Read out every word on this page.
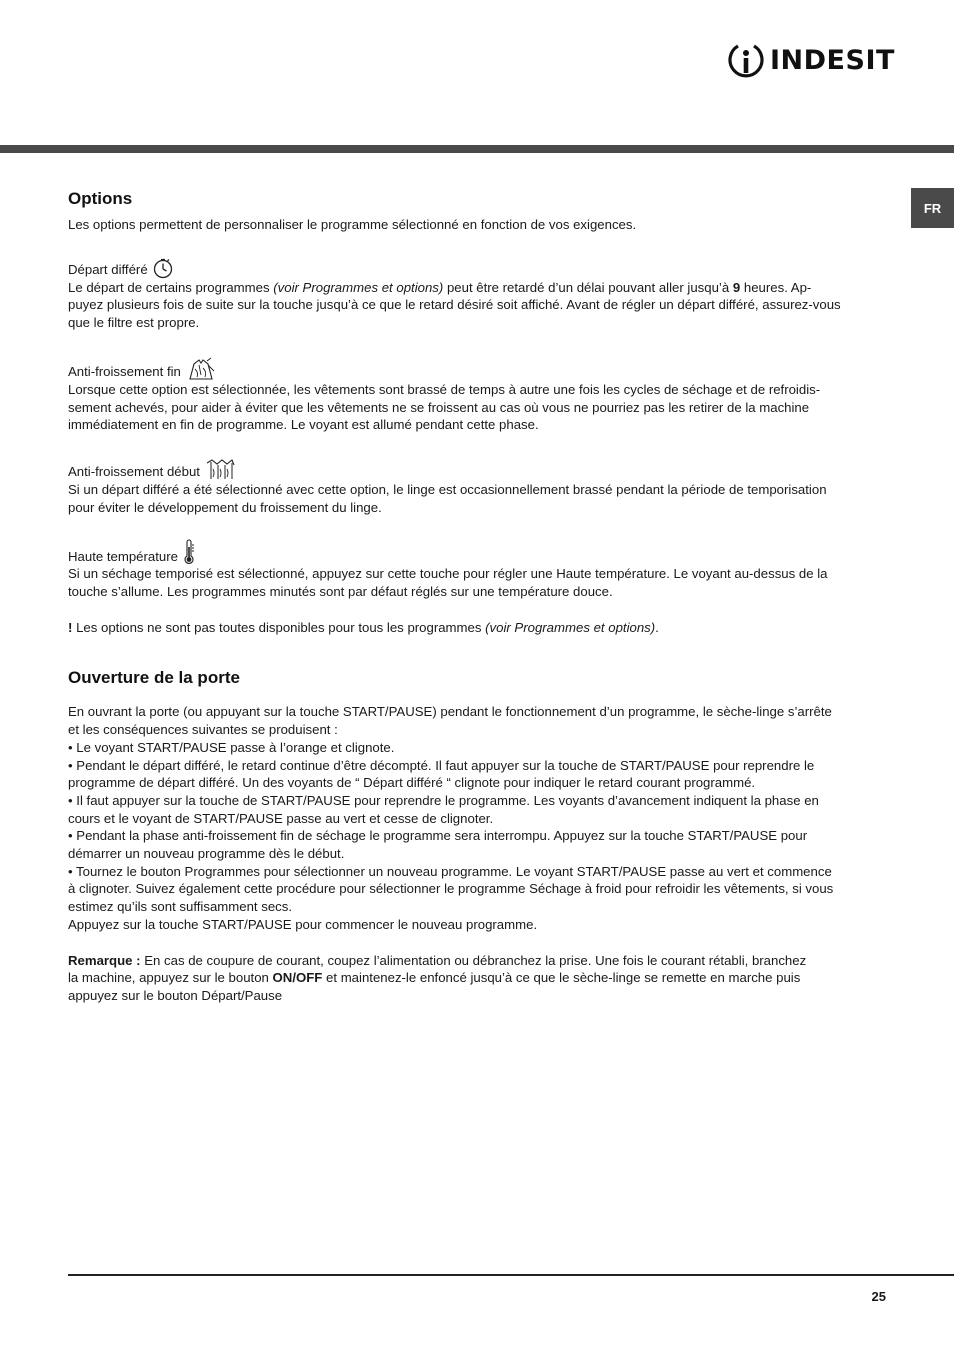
INDESIT
FR
Options

Les options permettent de personnaliser le programme sélectionné en fonction de vos exigences.

Départ différé

Le départ de certains programmes (voir Programmes et options) peut être retardé d’un délai pouvant aller jusqu’à 9 heures. Ap-
puyez plusieurs fois de suite sur la touche jusqu’à ce que le retard désiré soit affiché. Avant de régler un départ différé, assurez-vous
que le filtre est propre.

Anti-froissement fin

Lorsque cette option est sélectionnée, les vêtements sont brassé de temps à autre une fois les cycles de séchage et de refroidis-
sement achevés, pour aider à éviter que les vêtements ne se froissent au cas où vous ne pourriez pas les retirer de la machine
immédiatement en fin de programme. Le voyant est allumé pendant cette phase.

Anti-froissement début

Si un départ différé a été sélectionné avec cette option, le linge est occasionnellement brassé pendant la période de temporisation
pour éviter le développement du froissement du linge.

Haute température

Si un séchage temporisé est sélectionné, appuyez sur cette touche pour régler une Haute température. Le voyant au-dessus de la
touche s’allume. Les programmes minutés sont par défaut réglés sur une température douce.

! Les options ne sont pas toutes disponibles pour tous les programmes (voir Programmes et options).

Ouverture de la porte

En ouvrant la porte (ou appuyant sur la touche START/PAUSE) pendant le fonctionnement d’un programme, le sèche-linge s’arrête
et les conséquences suivantes se produisent :
• Le voyant START/PAUSE passe à l’orange et clignote.
• Pendant le départ différé, le retard continue d’être décompté. Il faut appuyer sur la touche de START/PAUSE pour reprendre le
programme de départ différé. Un des voyants de “ Départ différé “ clignote pour indiquer le retard courant programmé.
• Il faut appuyer sur la touche de START/PAUSE pour reprendre le programme. Les voyants d’avancement indiquent la phase en
cours et le voyant de START/PAUSE passe au vert et cesse de clignoter.
• Pendant la phase anti-froissement fin de séchage le programme sera interrompu. Appuyez sur la touche START/PAUSE pour
démarrer un nouveau programme dès le début.
• Tournez le bouton Programmes pour sélectionner un nouveau programme. Le voyant START/PAUSE passe au vert et commence
à clignoter. Suivez également cette procédure pour sélectionner le programme Séchage à froid pour refroidir les vêtements, si vous
estimez qu’ils sont suffisamment secs.
Appuyez sur la touche START/PAUSE pour commencer le nouveau programme.

Remarque : En cas de coupure de courant, coupez l’alimentation ou débranchez la prise. Une fois le courant rétabli, branchez
la machine, appuyez sur le bouton ON/OFF et maintenez-le enfoncé jusqu’à ce que le sèche-linge se remette en marche puis
appuyez sur le bouton Départ/Pause

25
